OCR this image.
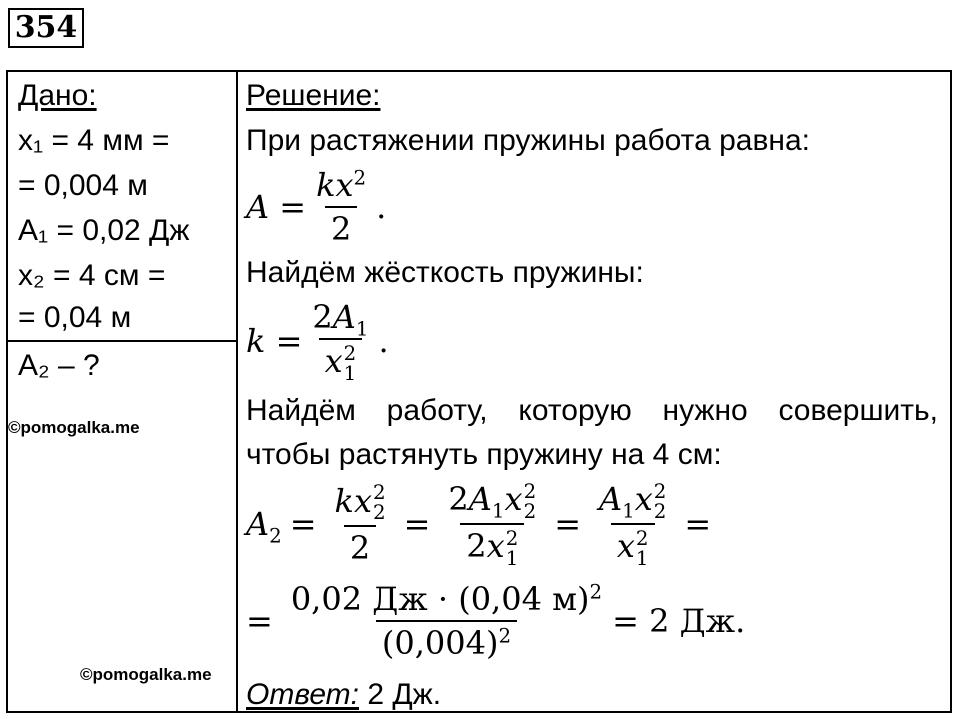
354
Дано:
x₁ = 4 мм =
= 0,004 м
A₁ = 0,02 Дж
x₂ = 4 см =
= 0,04 м
A₂ – ?
©pomogalka.me
©pomogalka.me
Решение:
При растяжении пружины работа равна:
$A = \frac{kx^2}{2}$ .
Найдём жёсткость пружины:
$k = 2A_1$
x 2
1 .
Найдём работу, которую нужно совершить,
чтобы растянуть пружину на 4 см:
$A_2$ = kx 2
2
$2 = 2A_1x$ 2
2
2x 2
$1 = A_1x$ 2
2
x 2
1 =
= $\frac{0,02 Дж \cdot (0,04 м)^2}{(0,004)^2} = 2$ Дж.
Ответ: 2 Дж.
